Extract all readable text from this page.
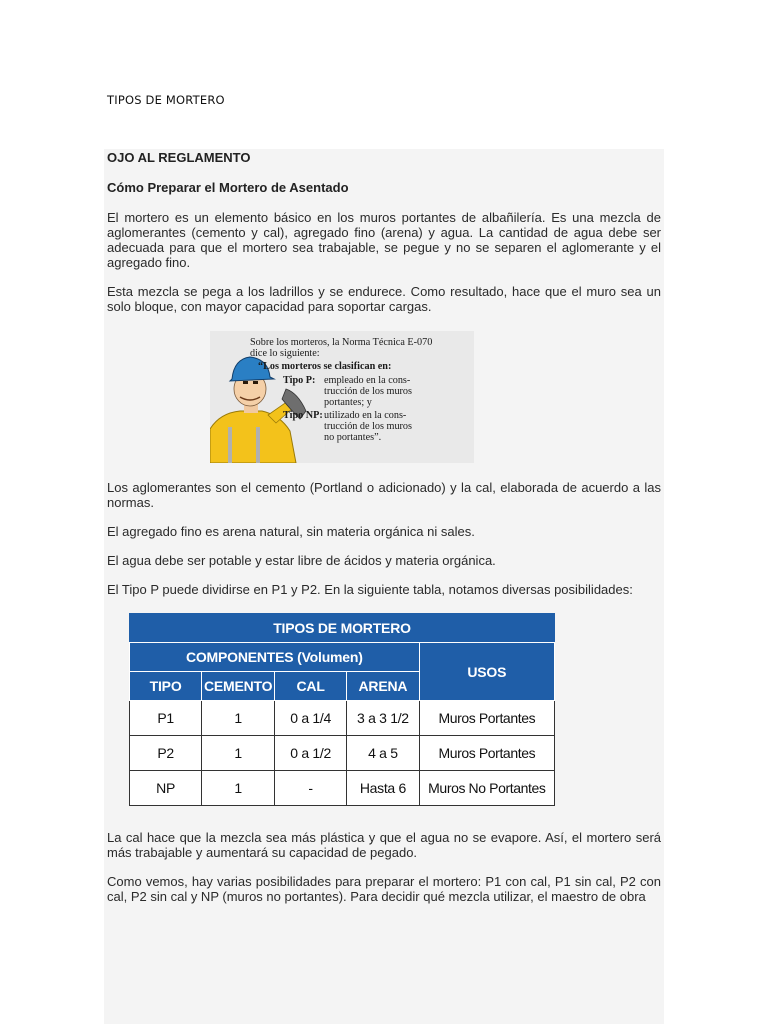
TIPOS DE MORTERO
OJO AL REGLAMENTO
Cómo Preparar el Mortero de Asentado

El mortero es un elemento básico en los muros portantes de albañilería. Es una mezcla de aglomerantes (cemento y cal), agregado fino (arena) y agua. La cantidad de agua debe ser adecuada para que el mortero sea trabajable, se pegue y no se separen el aglomerante y el agregado fino.

Esta mezcla se pega a los ladrillos y se endurece. Como resultado, hace que el muro sea un solo bloque, con mayor capacidad para soportar cargas.

Sobre los morteros, la Norma Técnica E-070
dice lo siguiente:
“Los morteros se clasifican en:
Tipo P: empleado en la cons-trucción de los muros portantes; y
Tipo NP: utilizado en la cons-trucción de los muros no portantes”.

Los aglomerantes son el cemento (Portland o adicionado) y la cal, elaborada de acuerdo a las normas.

El agregado fino es arena natural, sin materia orgánica ni sales.

El agua debe ser potable y estar libre de ácidos y materia orgánica.

El Tipo P puede dividirse en P1 y P2. En la siguiente tabla, notamos diversas posibilidades:

TIPOS DE MORTERO				
COMPONENTES (Volumen)				USOS
TIPO	CEMENTO	CAL	ARENA	
P1	1	0 a 1/4	3 a 3 1/2	Muros Portantes
P2	1	0 a 1/2	4 a 5	Muros Portantes
NP	1	-	Hasta 6	Muros No Portantes

La cal hace que la mezcla sea más plástica y que el agua no se evapore. Así, el mortero será más trabajable y aumentará su capacidad de pegado.

Como vemos, hay varias posibilidades para preparar el mortero: P1 con cal, P1 sin cal, P2 con cal, P2 sin cal y NP (muros no portantes). Para decidir qué mezcla utilizar, el maestro de obra
